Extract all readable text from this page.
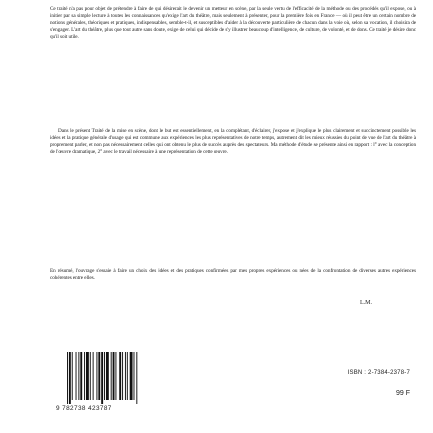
Ce traité n'a pas pour objet de prétendre à faire de qui désirerait le devenir un metteur en scène, par la seule vertu de l'efficacité de la méthode ou des procédés qu'il expose, ou à initier par sa simple lecture à toutes les connaissances qu'exige l'art du théâtre, mais seulement à présenter, pour la première fois en France — où il peut être un certain nombre de notions générales, théoriques et pratiques, indispensables, semble-t-il, et susceptibles d'aider à la découverte particulière de chacun dans la voie où, selon sa vocation, il choisira de s'engager. L'art du théâtre, plus que tout autre sans doute, exige de celui qui décide de s'y illustrer beaucoup d'intelligence, de culture, de volonté, et de dons. Ce traité je désire donc qu'il soit utile.

Dans le présent Traité de la mise en scène, dont le but est essentiellement, en la complétant, d'éclairer, j'expose et j'explique le plus clairement et succinctement possible les idées et la pratique générale d'usage qui est commune aux expériences les plus représentatives de notre temps, autrement dit les mieux réussies du point de vue de l'art du théâtre à proprement parler, et non pas nécessairement celles qui ont obtenu le plus de succès auprès des spectateurs. Ma méthode d'étude se présente ainsi en rapport : l° avec la conception de l'œuvre dramatique, 2° avec le travail nécessaire à une représentation de cette œuvre.

En résumé, l'ouvrage s'essaie à faire un choix des idées et des pratiques confirmées par mes propres expériences ou nées de la confrontation de diverses autres expériences cohérentes entre elles.

L.M.
9 782738 423787
ISBN : 2-7384-2378-7
99 F
